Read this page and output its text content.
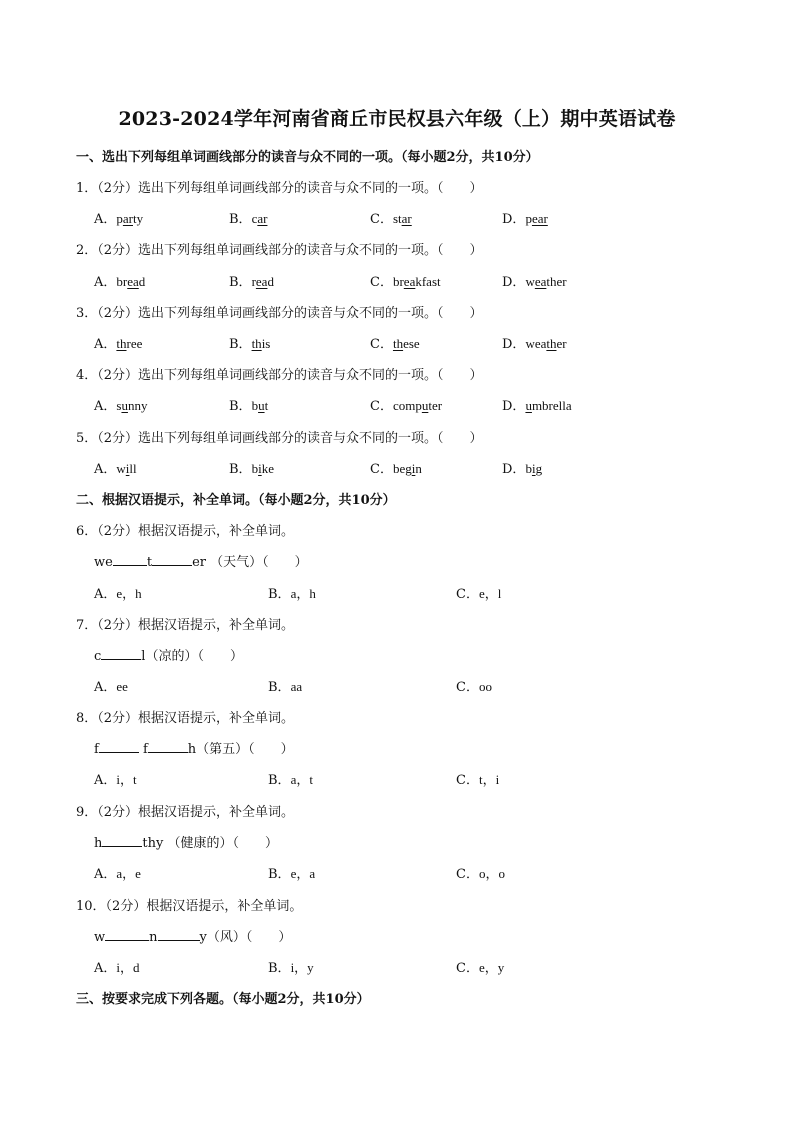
2023-2024学年河南省商丘市民权县六年级（上）期中英语试卷
一、选出下列每组单词画线部分的读音与众不同的一项。（每小题2分，共10分）
1．（2分）选出下列每组单词画线部分的读音与众不同的一项。（　　）
A．party	B．car	C．star	D．pear
2．（2分）选出下列每组单词画线部分的读音与众不同的一项。（　　）
A．bread	B．read	C．breakfast	D．weather
3．（2分）选出下列每组单词画线部分的读音与众不同的一项。（　　）
A．three	B．this	C．these	D．weather
4．（2分）选出下列每组单词画线部分的读音与众不同的一项。（　　）
A．sunny	B．but	C．computer	D．umbrella
5．（2分）选出下列每组单词画线部分的读音与众不同的一项。（　　）
A．will	B．bike	C．begin	D．big
二、根据汉语提示，补全单词。（每小题2分，共10分）
6．（2分）根据汉语提示，补全单词。
we	t	er （天气）（　　）
A．e，h	B．a，h	C．e，l
7．（2分）根据汉语提示，补全单词。
c	l（凉的）（　　）
A．ee	B．aa	C．oo
8．（2分）根据汉语提示，补全单词。
f	f	h（第五）（　　）
A．i，t	B．a，t	C．t，i
9．（2分）根据汉语提示，补全单词。
h	thy （健康的）（　　）
A．a，e	B．e，a	C．o，o
10．（2分）根据汉语提示，补全单词。
w	n	y（风）（　　）
A．i，d	B．i，y	C．e，y
三、按要求完成下列各题。（每小题2分，共10分）
